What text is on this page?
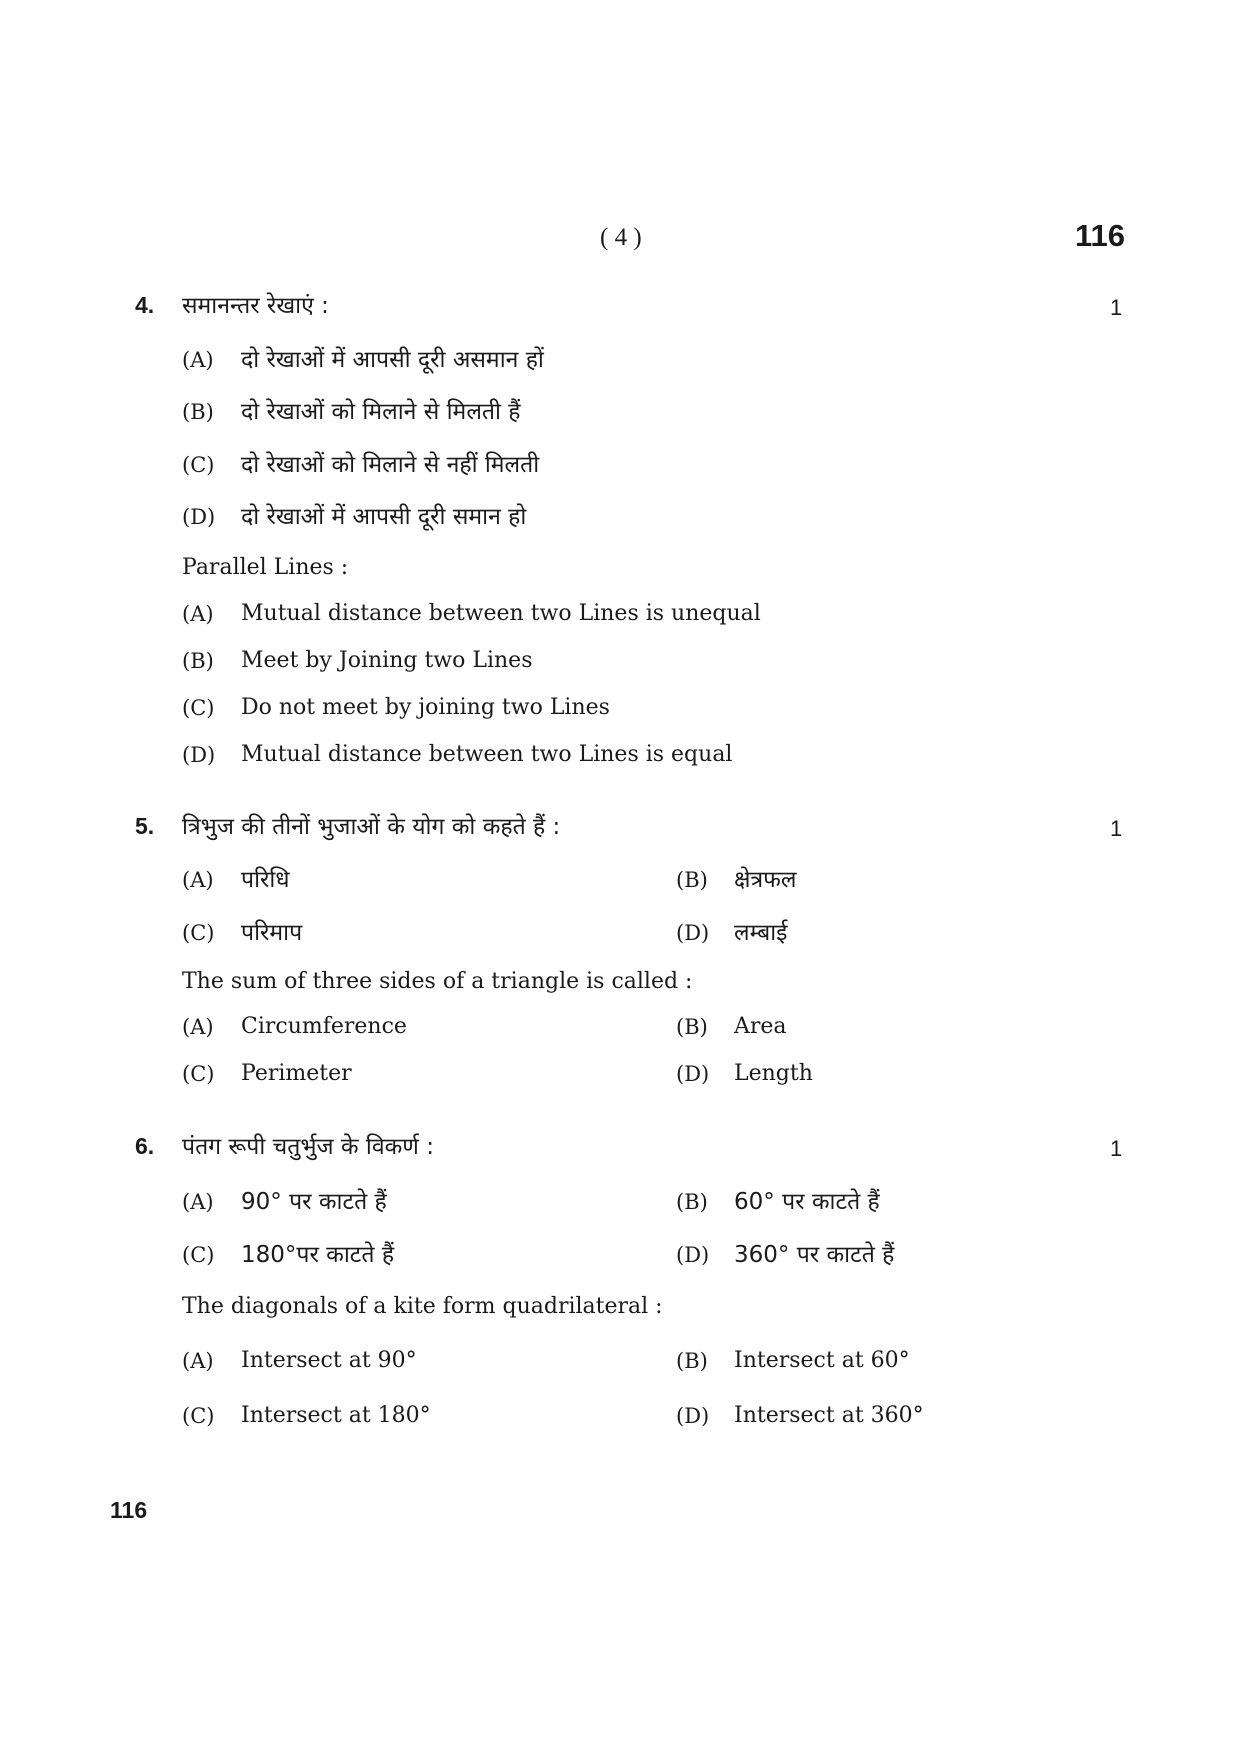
( 4 )	116
4. समानन्तर रेखाएं :	1
(A) दो रेखाओं में आपसी दूरी असमान हों
(B) दो रेखाओं को मिलाने से मिलती हैं
(C) दो रेखाओं को मिलाने से नहीं मिलती
(D) दो रेखाओं में आपसी दूरी समान हो
Parallel Lines :
(A) Mutual distance between two Lines is unequal
(B) Meet by Joining two Lines
(C) Do not meet by joining two Lines
(D) Mutual distance between two Lines is equal
5. त्रिभुज की तीनों भुजाओं के योग को कहते हैं :	1
(A) परिधि	(B) क्षेत्रफल
(C) परिमाप	(D) लम्बाई
The sum of three sides of a triangle is called :
(A) Circumference	(B) Area
(C) Perimeter	(D) Length
6. पंतग रूपी चतुर्भुज के विकर्ण :	1
(A) 90° पर काटते हैं	(B) 60° पर काटते हैं
(C) 180°पर काटते हैं	(D) 360° पर काटते हैं
The diagonals of a kite form quadrilateral :
(A) Intersect at 90°	(B) Intersect at 60°
(C) Intersect at 180°	(D) Intersect at 360°
116
